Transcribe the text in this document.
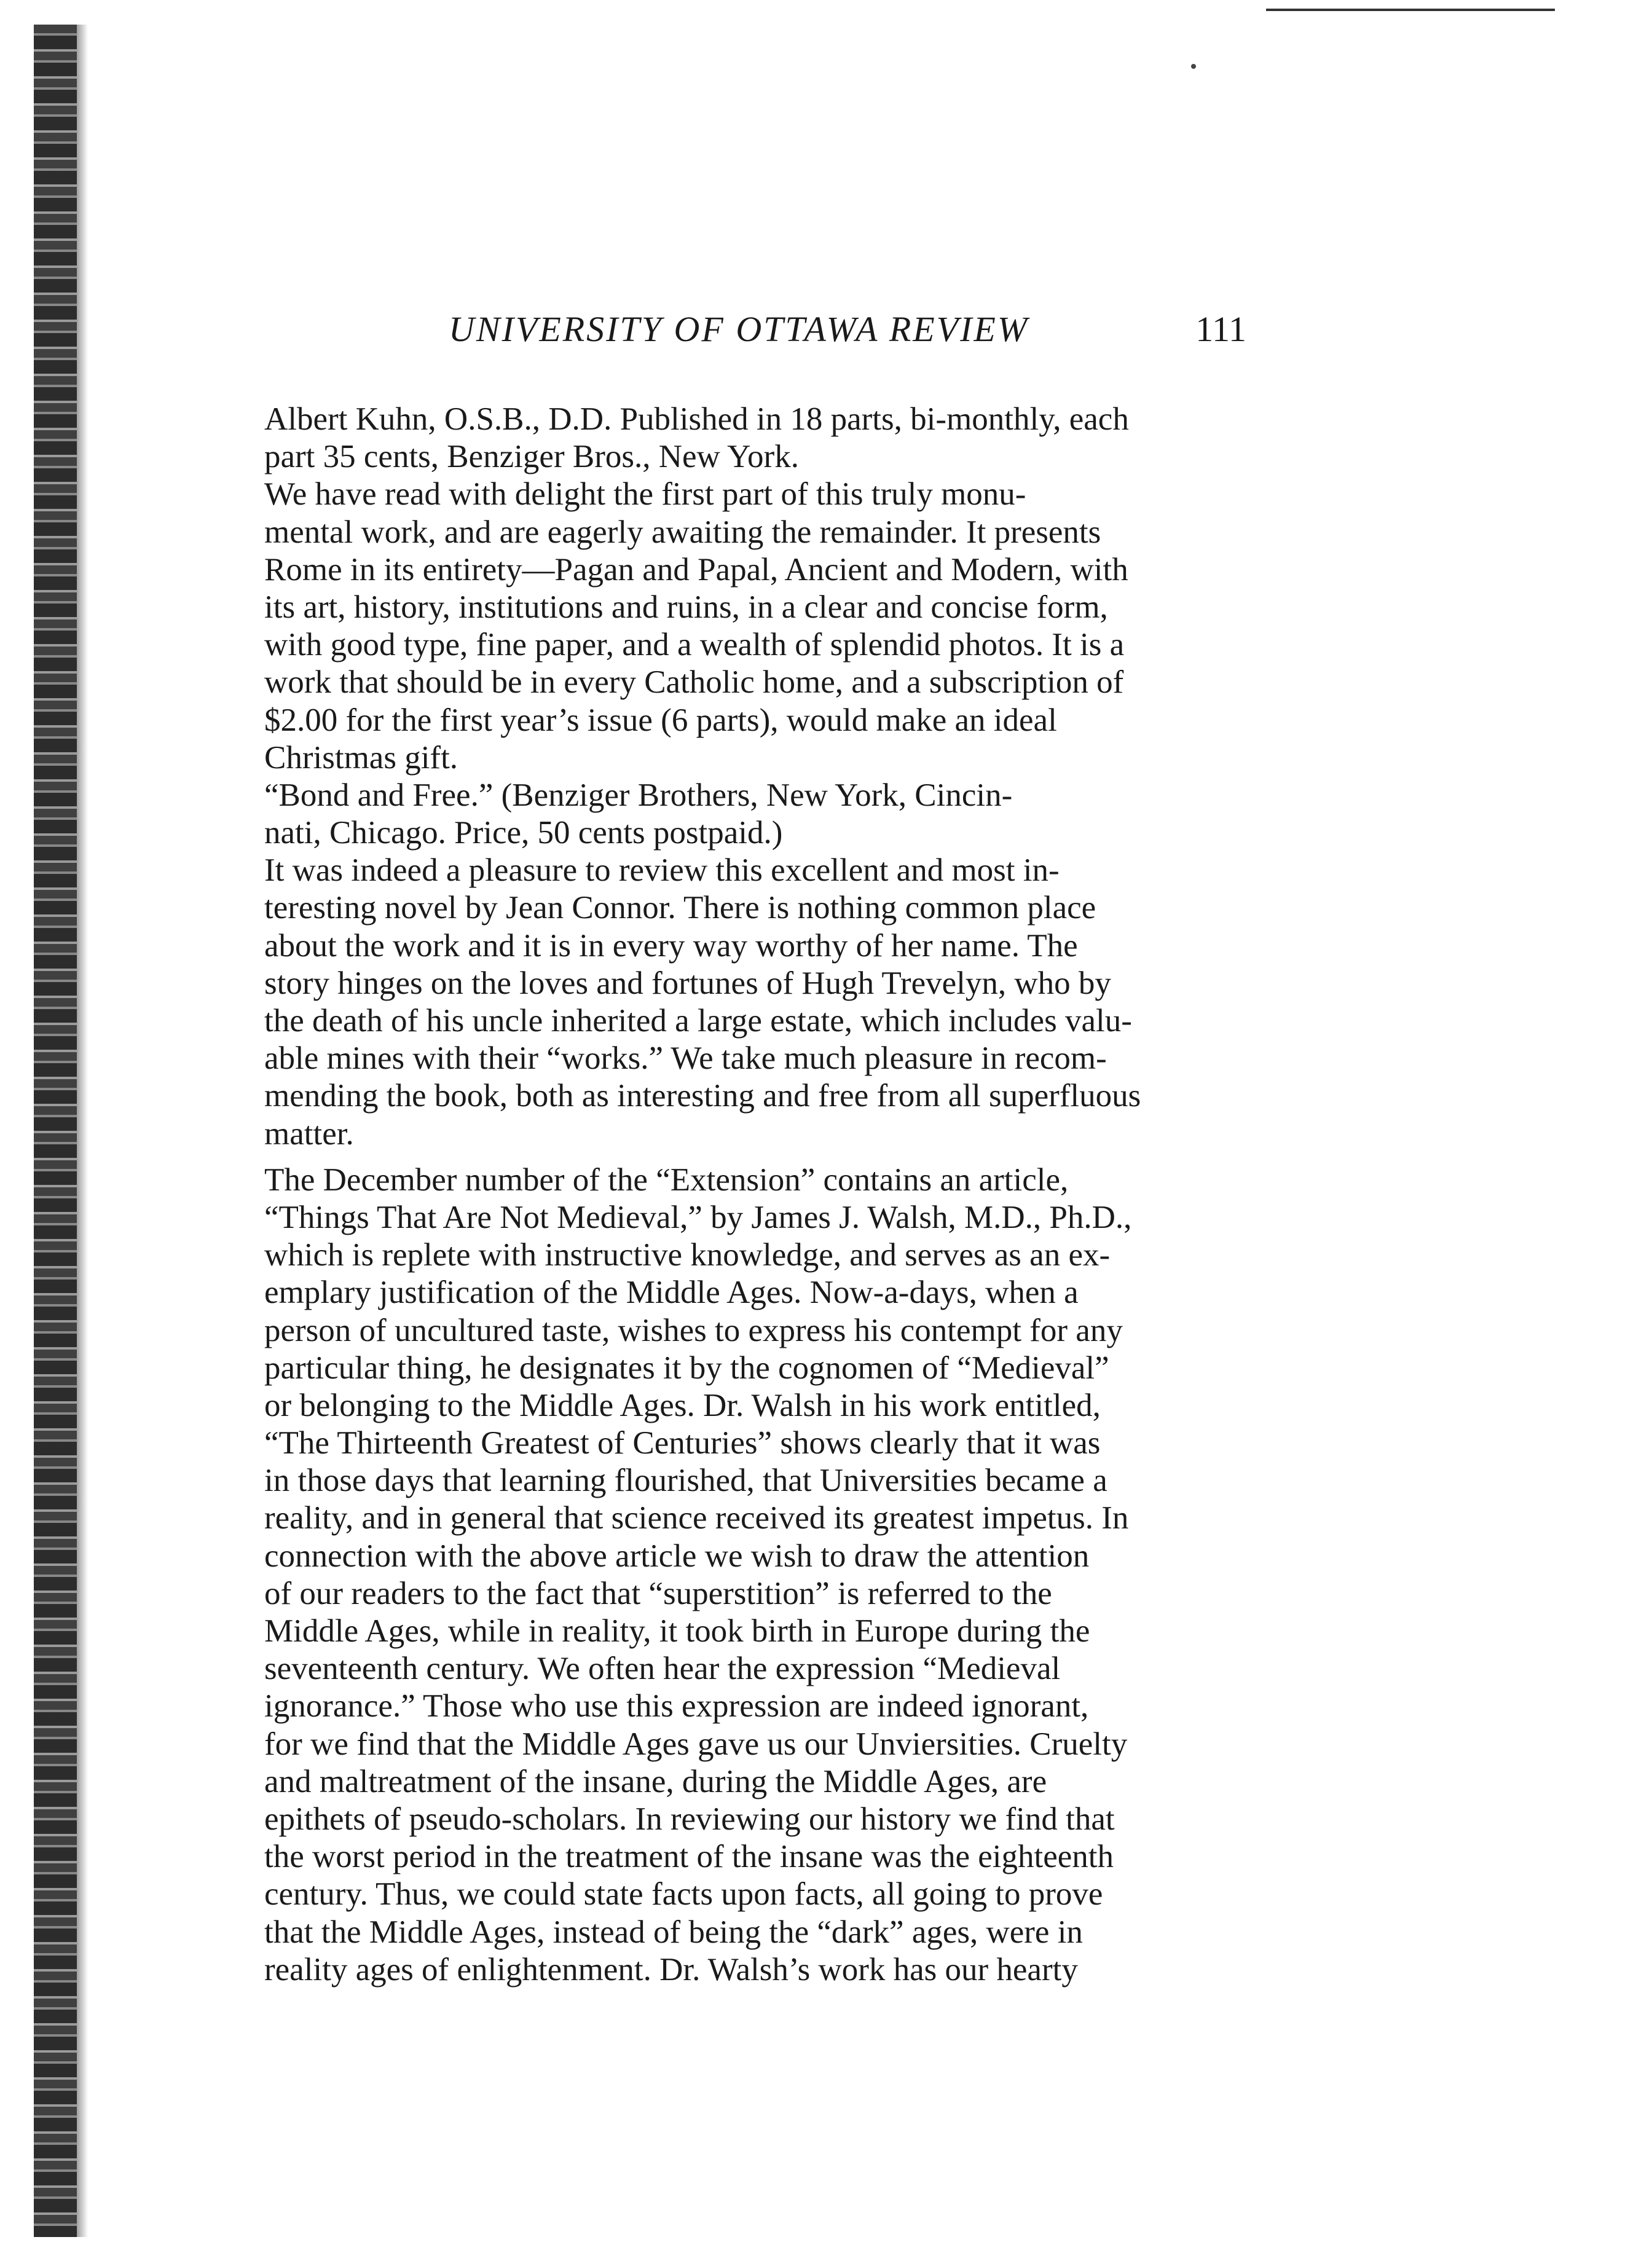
UNIVERSITY OF OTTAWA REVIEW	111
Albert Kuhn, O.S.B., D.D. Published in 18 parts, bi-monthly, each
part 35 cents, Benziger Bros., New York.
We have read with delight the first part of this truly monu-
mental work, and are eagerly awaiting the remainder. It presents
Rome in its entirety—Pagan and Papal, Ancient and Modern, with
its art, history, institutions and ruins, in a clear and concise form,
with good type, fine paper, and a wealth of splendid photos. It is a
work that should be in every Catholic home, and a subscription of
$2.00 for the first year’s issue (6 parts), would make an ideal
Christmas gift.
“Bond and Free.” (Benziger Brothers, New York, Cincin-
nati, Chicago. Price, 50 cents postpaid.)
It was indeed a pleasure to review this excellent and most in-
teresting novel by Jean Connor. There is nothing common place
about the work and it is in every way worthy of her name. The
story hinges on the loves and fortunes of Hugh Trevelyn, who by
the death of his uncle inherited a large estate, which includes valu-
able mines with their “works.” We take much pleasure in recom-
mending the book, both as interesting and free from all superfluous
matter.
The December number of the “Extension” contains an article,
“Things That Are Not Medieval,” by James J. Walsh, M.D., Ph.D.,
which is replete with instructive knowledge, and serves as an ex-
emplary justification of the Middle Ages. Now-a-days, when a
person of uncultured taste, wishes to express his contempt for any
particular thing, he designates it by the cognomen of “Medieval”
or belonging to the Middle Ages. Dr. Walsh in his work entitled,
“The Thirteenth Greatest of Centuries” shows clearly that it was
in those days that learning flourished, that Universities became a
reality, and in general that science received its greatest impetus. In
connection with the above article we wish to draw the attention
of our readers to the fact that “superstition” is referred to the
Middle Ages, while in reality, it took birth in Europe during the
seventeenth century. We often hear the expression “Medieval
ignorance.” Those who use this expression are indeed ignorant,
for we find that the Middle Ages gave us our Unviersities. Cruelty
and maltreatment of the insane, during the Middle Ages, are
epithets of pseudo-scholars. In reviewing our history we find that
the worst period in the treatment of the insane was the eighteenth
century. Thus, we could state facts upon facts, all going to prove
that the Middle Ages, instead of being the “dark” ages, were in
reality ages of enlightenment. Dr. Walsh’s work has our hearty
